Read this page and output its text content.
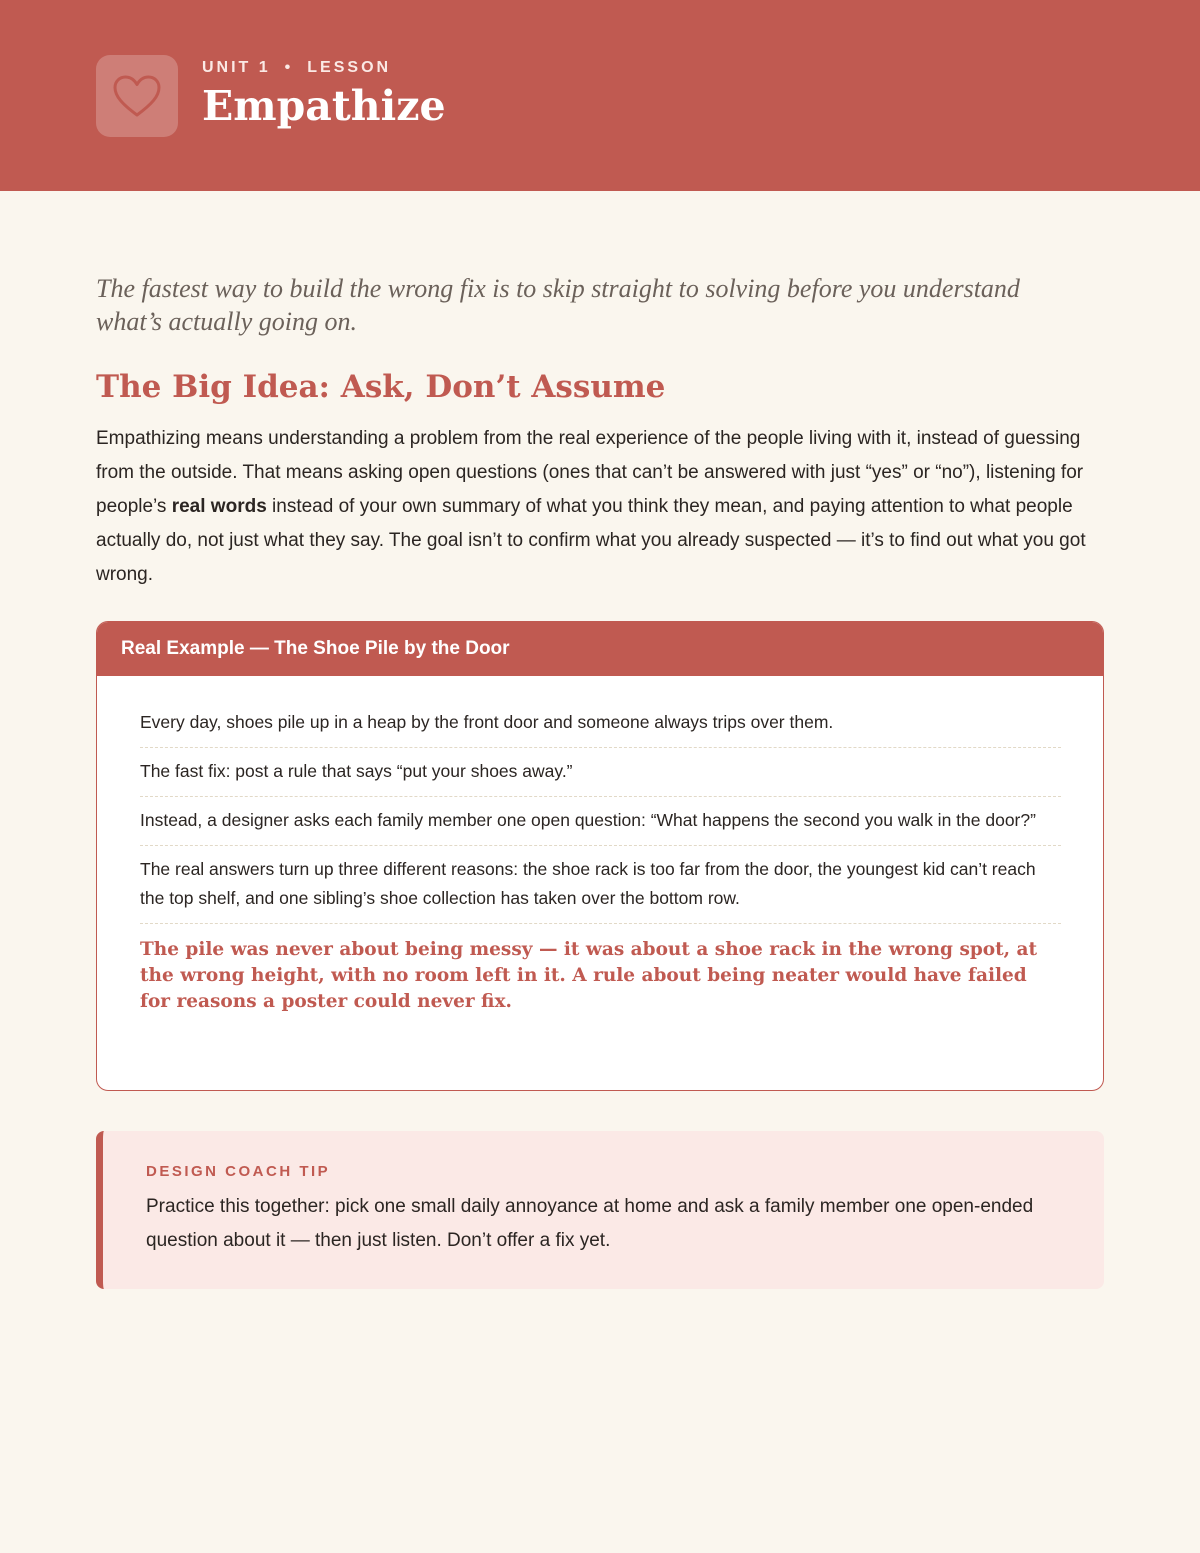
UNIT 1 • LESSON
Empathize

The fastest way to build the wrong fix is to skip straight to solving before you understand what’s actually going on.

The Big Idea: Ask, Don’t Assume

Empathizing means understanding a problem from the real experience of the people living with it, instead of guessing from the outside. That means asking open questions (ones that can’t be answered with just “yes” or “no”), listening for people’s real words instead of your own summary of what you think they mean, and paying attention to what people actually do, not just what they say. The goal isn’t to confirm what you already suspected — it’s to find out what you got wrong.

Real Example — The Shoe Pile by the Door
Every day, shoes pile up in a heap by the front door and someone always trips over them.
The fast fix: post a rule that says “put your shoes away.”
Instead, a designer asks each family member one open question: “What happens the second you walk in the door?”
The real answers turn up three different reasons: the shoe rack is too far from the door, the youngest kid can’t reach the top shelf, and one sibling’s shoe collection has taken over the bottom row.
The pile was never about being messy — it was about a shoe rack in the wrong spot, at the wrong height, with no room left in it. A rule about being neater would have failed for reasons a poster could never fix.
DESIGN COACH TIP

Practice this together: pick one small daily annoyance at home and ask a family member one open-ended question about it — then just listen. Don’t offer a fix yet.
